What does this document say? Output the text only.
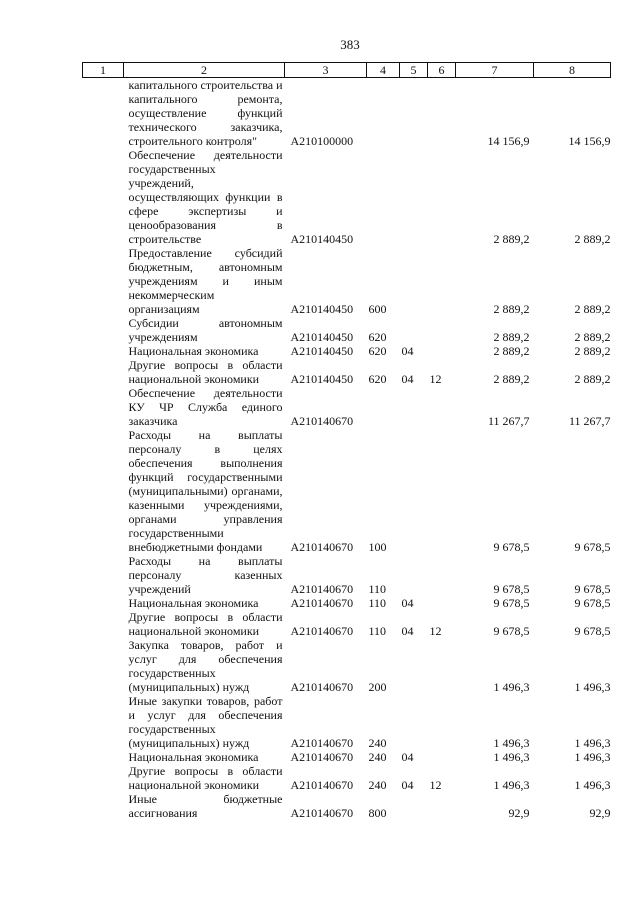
383
1	2	3	4	5	6	7	8

капитального строительства и капитального ремонта, осуществление функций технического заказчика, строительного контроля"		А210100000				14 156,9	14 156,9

Обеспечение деятельности государственных учреждений, осуществляющих функции в сфере экспертизы и ценообразования в строительстве		А210140450				2 889,2	2 889,2

Предоставление субсидий бюджетным, автономным учреждениям и иным некоммерческим организациям		А210140450	600			2 889,2	2 889,2

Субсидии автономным учреждениям		А210140450	620			2 889,2	2 889,2

Национальная экономика		А210140450	620	04		2 889,2	2 889,2

Другие вопросы в области национальной экономики		А210140450	620	04	12	2 889,2	2 889,2

Обеспечение деятельности КУ ЧР Служба единого заказчика		А210140670				11 267,7	11 267,7

Расходы на выплаты персоналу в целях обеспечения выполнения функций государственными (муниципальными) органами, казенными учреждениями, органами управления государственными внебюджетными фондами		А210140670	100			9 678,5	9 678,5

Расходы на выплаты персоналу казенных учреждений		А210140670	110			9 678,5	9 678,5

Национальная экономика		А210140670	110	04		9 678,5	9 678,5

Другие вопросы в области национальной экономики		А210140670	110	04	12	9 678,5	9 678,5

Закупка товаров, работ и услуг для обеспечения государственных (муниципальных) нужд		А210140670	200			1 496,3	1 496,3

Иные закупки товаров, работ и услуг для обеспечения государственных (муниципальных) нужд		А210140670	240			1 496,3	1 496,3

Национальная экономика		А210140670	240	04		1 496,3	1 496,3

Другие вопросы в области национальной экономики		А210140670	240	04	12	1 496,3	1 496,3

Иные бюджетные ассигнования		А210140670	800			92,9	92,9
